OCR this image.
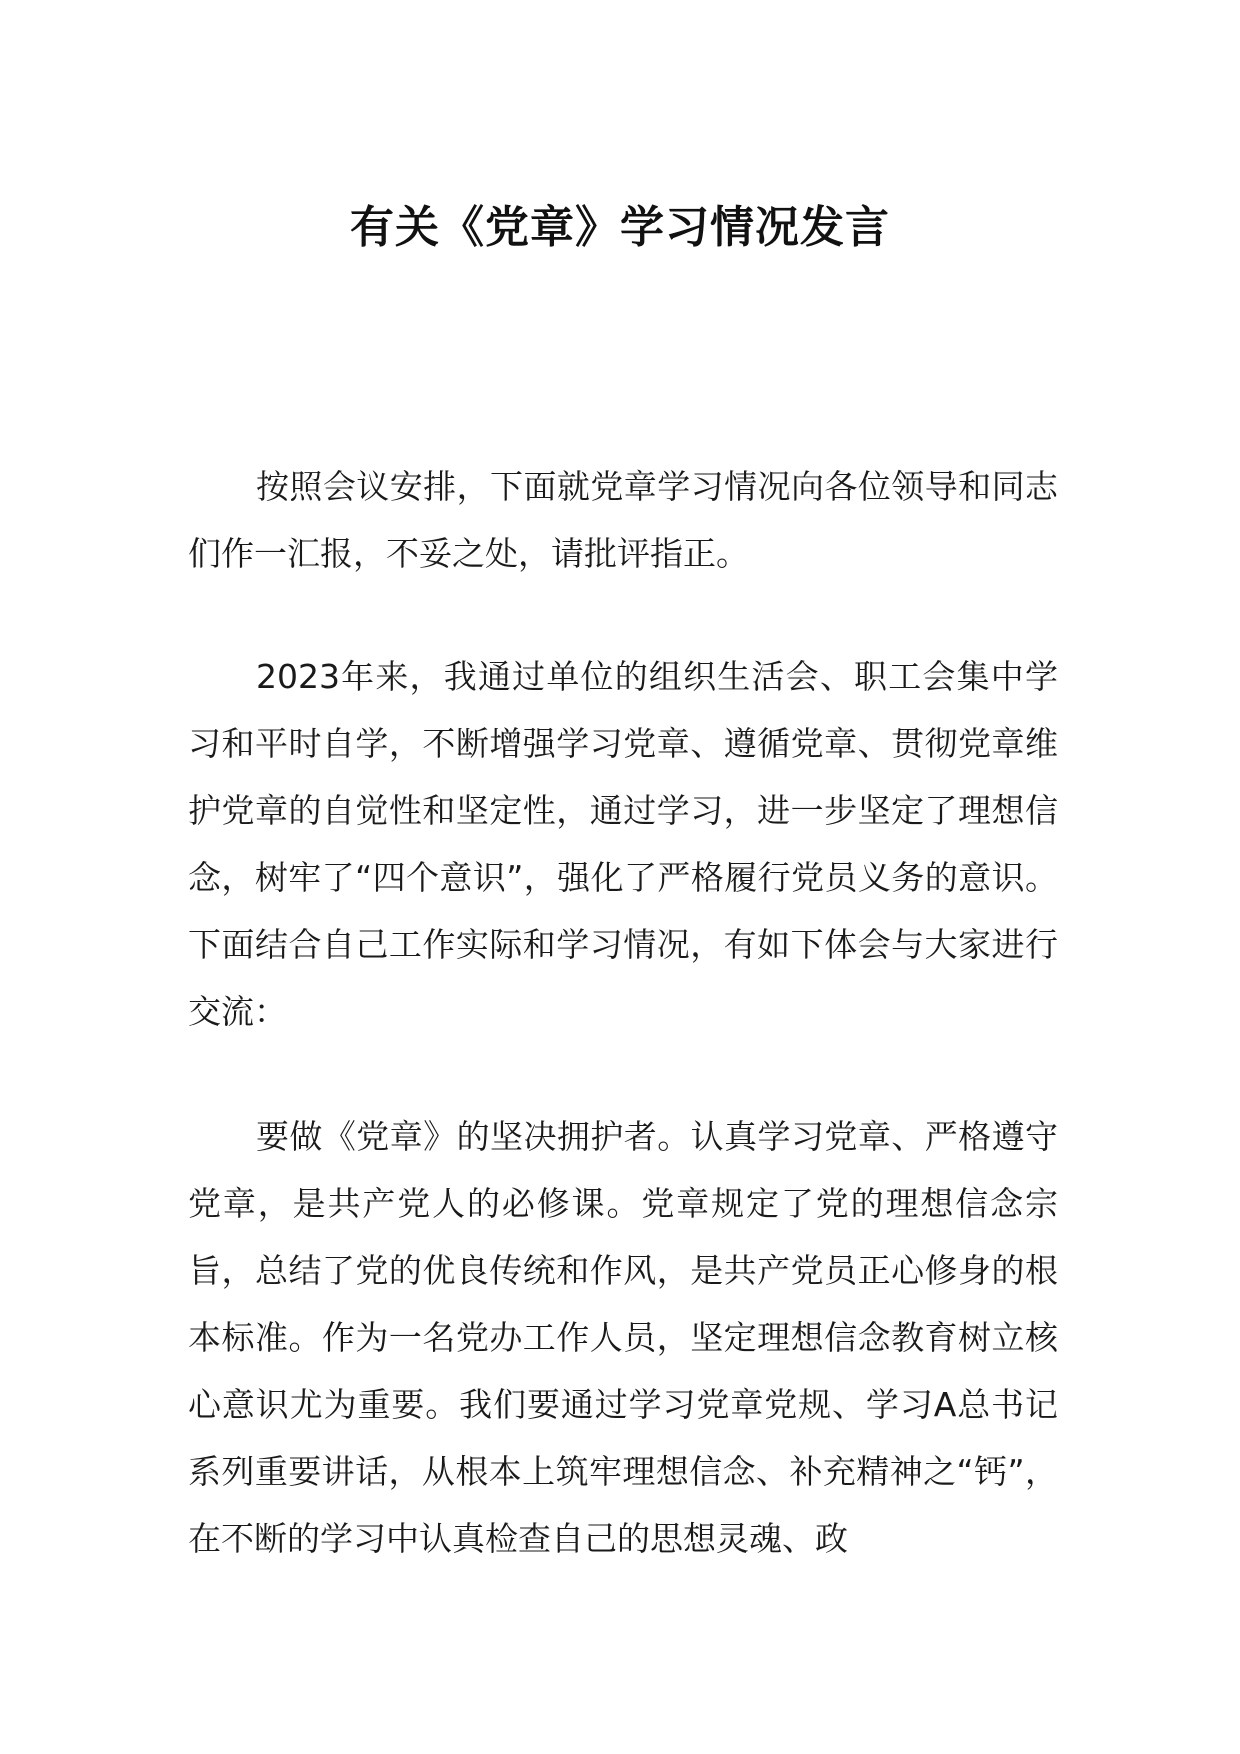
有关《党章》学习情况发言

按照会议安排，下面就党章学习情况向各位领导和同志们作一汇报，不妥之处，请批评指正。

2023年来，我通过单位的组织生活会、职工会集中学习和平时自学，不断增强学习党章、遵循党章、贯彻党章维护党章的自觉性和坚定性，通过学习，进一步坚定了理想信念，树牢了“四个意识”，强化了严格履行党员义务的意识。下面结合自己工作实际和学习情况，有如下体会与大家进行交流：

要做《党章》的坚决拥护者。认真学习党章、严格遵守党章，是共产党人的必修课。党章规定了党的理想信念宗旨，总结了党的优良传统和作风，是共产党员正心修身的根本标准。作为一名党办工作人员，坚定理想信念教育树立核心意识尤为重要。我们要通过学习党章党规、学习A总书记系列重要讲话，从根本上筑牢理想信念、补充精神之“钙”，在不断的学习中认真检查自己的思想灵魂、政
